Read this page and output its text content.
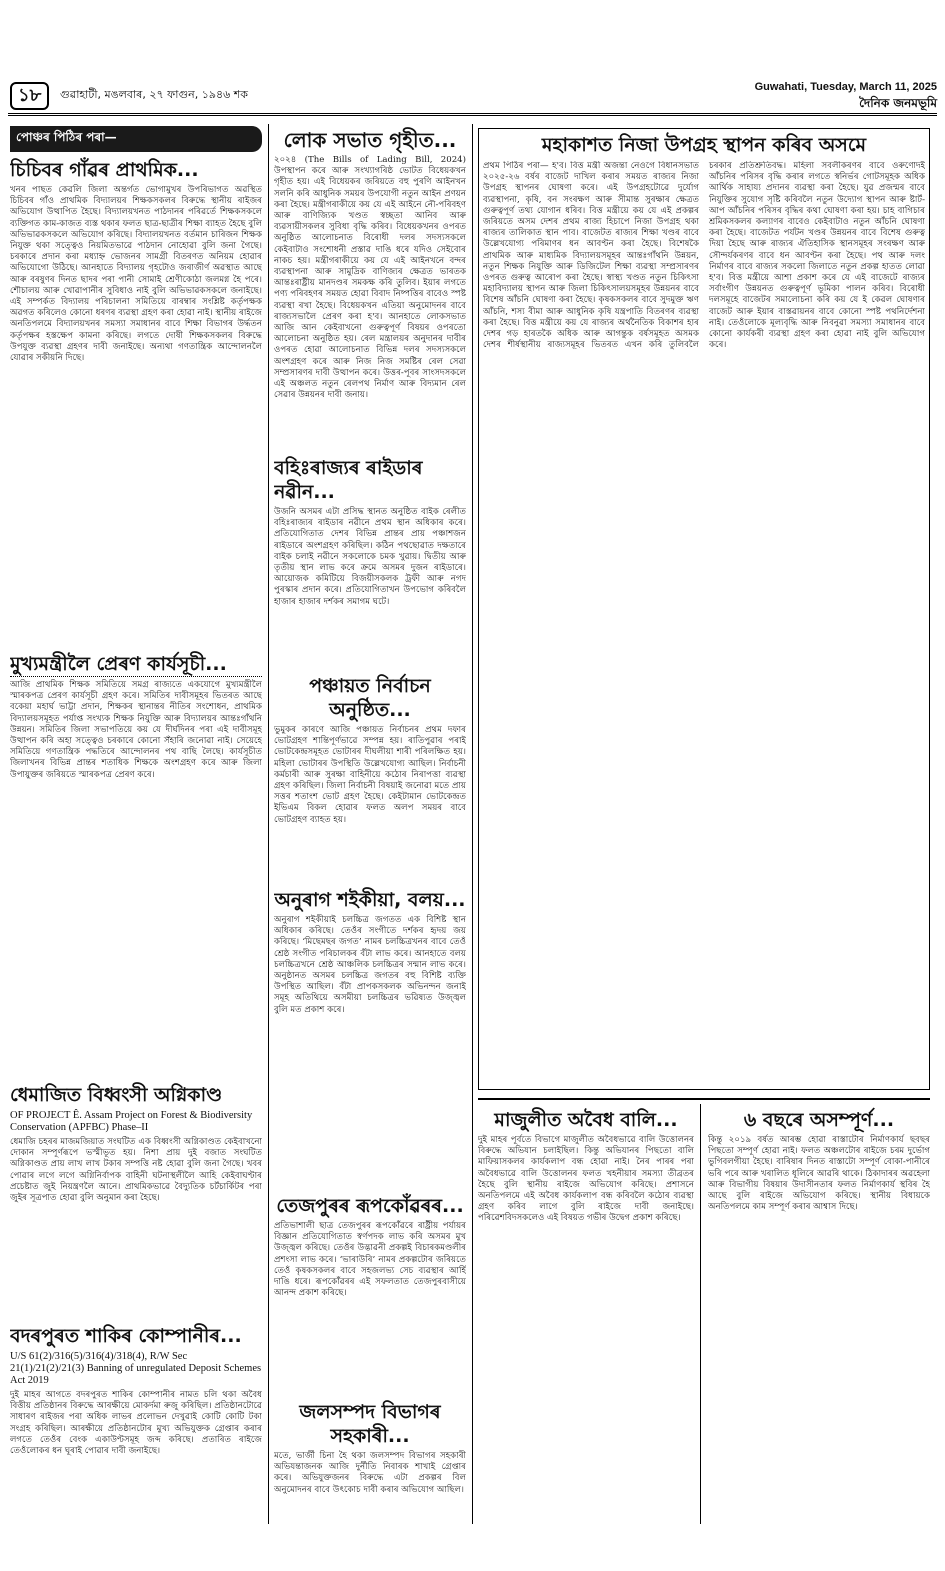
১৮	গুৱাহাটী, মঙলবাৰ, ২৭ ফাগুন, ১৯৪৬ শক
Guwahati, Tuesday, March 11, 2025
দৈনিক জনমভূমি
পোঞ্চৰ পিঠিৰ পৰা—
চিচিবৰ গাঁৱৰ প্ৰাথমিক...
খনৰ পাছত কেৱলি জিলা অন্তৰ্গত ভোগামুখৰ উপৰিভাগত অৱস্থিত চিচিবৰ গাঁও প্ৰাথমিক বিদ্যালয়ৰ শিক্ষকসকলৰ বিৰুদ্ধে স্থানীয় ৰাইজৰ অভিযোগ উত্থাপিত হৈছে। বিদ্যালয়খনত পাঠদানৰ পৰিৱৰ্তে শিক্ষকসকলে ব্যক্তিগত কাম-কাজত ব্যস্ত থকাৰ ফলত ছাত্ৰ-ছাত্ৰীৰ শিক্ষা ব্যাহত হৈছে বুলি অভিভাৱকসকলে অভিযোগ কৰিছে। বিদ্যালয়খনত বৰ্তমান চাৰিজন শিক্ষক নিযুক্ত থকা সত্ত্বেও নিয়মিতভাৱে পাঠদান নোহোৱা বুলি জনা গৈছে। চৰকাৰে প্ৰদান কৰা মধ্যাহ্ন ভোজনৰ সামগ্ৰী বিতৰণত অনিয়ম হোৱাৰ অভিযোগো উঠিছে। আনহাতে বিদ্যালয় গৃহটোও জৰাজীৰ্ণ অৱস্থাত আছে আৰু বৰষুণৰ দিনত ছাদৰ পৰা পানী সোমাই শ্ৰেণীকোঠা জলমগ্ন হৈ পৰে। শৌচালয় আৰু খোৱাপানীৰ সুবিধাও নাই বুলি অভিভাৱকসকলে জনাইছে। এই সম্পৰ্কত বিদ্যালয় পৰিচালনা সমিতিয়ে বাৰম্বাৰ সংশ্লিষ্ট কৰ্তৃপক্ষক অৱগত কৰিলেও কোনো ধৰণৰ ব্যৱস্থা গ্ৰহণ কৰা হোৱা নাই। স্থানীয় ৰাইজে অনতিপলমে বিদ্যালয়খনৰ সমস্যা সমাধানৰ বাবে শিক্ষা বিভাগৰ উৰ্দ্ধতন কৰ্তৃপক্ষৰ হস্তক্ষেপ কামনা কৰিছে। লগতে দোষী শিক্ষকসকলৰ বিৰুদ্ধে উপযুক্ত ব্যৱস্থা গ্ৰহণৰ দাবী জনাইছে। অন্যথা গণতান্ত্ৰিক আন্দোলনলৈ যোৱাৰ সকীয়নি দিছে।
মুখ্যমন্ত্ৰীলৈ প্ৰেৰণ কাৰ্যসূচী...
আজি প্ৰাথমিক শিক্ষক সমিতিয়ে সমগ্ৰ ৰাজ্যতে একযোগে মুখ্যমন্ত্ৰীলৈ স্মাৰকপত্ৰ প্ৰেৰণ কাৰ্যসূচী গ্ৰহণ কৰে। সমিতিৰ দাবীসমূহৰ ভিতৰত আছে বকেয়া মহাৰ্ঘ ভাট্টা প্ৰদান, শিক্ষকৰ স্থানান্তৰ নীতিৰ সংশোধন, প্ৰাথমিক বিদ্যালয়সমূহত পৰ্যাপ্ত সংখ্যক শিক্ষক নিযুক্তি আৰু বিদ্যালয়ৰ আন্তঃগাঁথনি উন্নয়ন। সমিতিৰ জিলা সভাপতিয়ে কয় যে দীৰ্ঘদিনৰ পৰা এই দাবীসমূহ উত্থাপন কৰি অহা সত্ত্বেও চৰকাৰে কোনো সঁহাৰি জনোৱা নাই। সেয়েহে সমিতিয়ে গণতান্ত্ৰিক পদ্ধতিৰে আন্দোলনৰ পথ বাছি লৈছে। কাৰ্যসূচীত জিলাখনৰ বিভিন্ন প্ৰান্তৰ শতাধিক শিক্ষকে অংশগ্ৰহণ কৰে আৰু জিলা উপায়ুক্তৰ জৰিয়তে স্মাৰকপত্ৰ প্ৰেৰণ কৰে।
ধেমাজিত বিধ্বংসী অগ্নিকাণ্ড
OF PROJECT Ê. Assam Project on Forest & Biodiversity Conservation (APFBC) Phase–II
ধেমাজি চহৰৰ মাজমজিয়াত সংঘটিত এক বিধ্বংসী অগ্নিকাণ্ডত কেইবাখনো দোকান সম্পূৰ্ণৰূপে ভস্মীভূত হয়। নিশা প্ৰায় দুই বজাত সংঘটিত অগ্নিকাণ্ডত প্ৰায় লাখ লাখ টকাৰ সম্পত্তি নষ্ট হোৱা বুলি জনা গৈছে। খবৰ পোৱাৰ লগে লগে অগ্নিনিৰ্বাপক বাহিনী ঘটনাস্থলীলৈ আহি কেইবাঘণ্টাৰ প্ৰচেষ্টাত জুই নিয়ন্ত্ৰণলৈ আনে। প্ৰাথমিকভাৱে বৈদ্যুতিক চৰ্টচাৰ্কিটৰ পৰা জুইৰ সূত্ৰপাত হোৱা বুলি অনুমান কৰা হৈছে।
বদৰপুৰত শাকিৰ কোম্পানীৰ...
U/S 61(2)/316(5)/316(4)/318(4), R/W Sec 21(1)/21(2)/21(3) Banning of unregulated Deposit Schemes Act 2019
দুই মাহৰ আগতে বদৰপুৰত শাকিৰ কোম্পানীৰ নামত চলি থকা অবৈধ বিত্তীয় প্ৰতিষ্ঠানৰ বিৰুদ্ধে আৰক্ষীয়ে মোকৰ্দমা ৰুজু কৰিছিল। প্ৰতিষ্ঠানটোৱে সাধাৰণ ৰাইজৰ পৰা অধিক লাভৰ প্ৰলোভন দেখুৱাই কোটি কোটি টকা সংগ্ৰহ কৰিছিল। আৰক্ষীয়ে প্ৰতিষ্ঠানটোৰ মুখ্য অভিযুক্তক গ্ৰেপ্তাৰ কৰাৰ লগতে তেওঁৰ বেংক একাউণ্টসমূহ জব্দ কৰিছে। প্ৰতাৰিত ৰাইজে তেওঁলোকৰ ধন ঘূৰাই পোৱাৰ দাবী জনাইছে।
লোক সভাত গৃহীত...
২০২৪ (The Bills of Lading Bill, 2024) উপস্থাপন কৰে আৰু সংখ্যাগৰিষ্ঠ ভোটত বিধেয়কখন গৃহীত হয়। এই বিধেয়কৰ জৰিয়তে বহু পুৰণি আইনখন সলনি কৰি আধুনিক সময়ৰ উপযোগী নতুন আইন প্ৰণয়ন কৰা হৈছে। মন্ত্ৰীগৰাকীয়ে কয় যে এই আইনে নৌ-পৰিবহণ আৰু বাণিজ্যিক খণ্ডত স্বচ্ছতা আনিব আৰু ব্যৱসায়ীসকলৰ সুবিধা বৃদ্ধি কৰিব। বিধেয়কখনৰ ওপৰত অনুষ্ঠিত আলোচনাত বিৰোধী দলৰ সদস্যসকলে কেইবাটাও সংশোধনী প্ৰস্তাৱ দাঙি ধৰে যদিও সেইবোৰ নাকচ হয়। মন্ত্ৰীগৰাকীয়ে কয় যে এই আইনখনে বন্দৰ ব্যৱস্থাপনা আৰু সামুদ্ৰিক বাণিজ্যৰ ক্ষেত্ৰত ভাৰতক আন্তঃৰাষ্ট্ৰীয় মানদণ্ডৰ সমকক্ষ কৰি তুলিব। ইয়াৰ লগতে পণ্য পৰিবহণৰ সময়ত হোৱা বিবাদ নিষ্পত্তিৰ বাবেও স্পষ্ট ব্যৱস্থা ৰখা হৈছে। বিধেয়কখন এতিয়া অনুমোদনৰ বাবে ৰাজ্যসভালৈ প্ৰেৰণ কৰা হ'ব। আনহাতে লোকসভাত আজি আন কেইবাখনো গুৰুত্বপূৰ্ণ বিষয়ৰ ওপৰতো আলোচনা অনুষ্ঠিত হয়। ৰেল মন্ত্ৰালয়ৰ অনুদানৰ দাবীৰ ওপৰত হোৱা আলোচনাত বিভিন্ন দলৰ সদস্যসকলে অংশগ্ৰহণ কৰে আৰু নিজ নিজ সমষ্টিৰ ৰেল সেৱা সম্প্ৰসাৰণৰ দাবী উত্থাপন কৰে। উত্তৰ-পূবৰ সাংসদসকলে এই অঞ্চলত নতুন ৰেলপথ নিৰ্মাণ আৰু বিদ্যমান ৰেল সেৱাৰ উন্নয়নৰ দাবী জনায়।
বহিঃৰাজ্যৰ ৰাইডাৰ নৱীন...
উজনি অসমৰ এটা প্ৰসিদ্ধ স্থানত অনুষ্ঠিত বাইক ৰেলীত বহিঃৰাজ্যৰ ৰাইডাৰ নৱীনে প্ৰথম স্থান অধিকাৰ কৰে। প্ৰতিযোগিতাত দেশৰ বিভিন্ন প্ৰান্তৰ প্ৰায় পঞ্চাশজন ৰাইডাৰে অংশগ্ৰহণ কৰিছিল। কঠিন পথছোৱাত দক্ষতাৰে বাইক চলাই নৱীনে সকলোকে চমক খুৱায়। দ্বিতীয় আৰু তৃতীয় স্থান লাভ কৰে ক্ৰমে অসমৰ দুজন ৰাইডাৰে। আয়োজক কমিটিয়ে বিজয়ীসকলক ট্ৰফী আৰু নগদ পুৰস্কাৰ প্ৰদান কৰে। প্ৰতিযোগিতাখন উপভোগ কৰিবলৈ হাজাৰ হাজাৰ দৰ্শকৰ সমাগম ঘটে।
পঞ্চায়ত নিৰ্বাচন অনুষ্ঠিত...
ভুমুকৰ কাৰণে আজি পঞ্চায়ত নিৰ্বাচনৰ প্ৰথম দফাৰ ভোটগ্ৰহণ শান্তিপূৰ্ণভাৱে সম্পন্ন হয়। ৰাতিপুৱাৰ পৰাই ভোটকেন্দ্ৰসমূহত ভোটাৰৰ দীঘলীয়া শাৰী পৰিলক্ষিত হয়। মহিলা ভোটাৰৰ উপস্থিতি উল্লেখযোগ্য আছিল। নিৰ্বাচনী কৰ্মচাৰী আৰু সুৰক্ষা বাহিনীয়ে কঠোৰ নিৰাপত্তা ব্যৱস্থা গ্ৰহণ কৰিছিল। জিলা নিৰ্বাচনী বিষয়াই জনোৱা মতে প্ৰায় সত্তৰ শতাংশ ভোট গ্ৰহণ হৈছে। কেইটামান ভোটকেন্দ্ৰত ইভিএম বিকল হোৱাৰ ফলত অলপ সময়ৰ বাবে ভোটগ্ৰহণ ব্যাহত হয়।
অনুৰাগ শইকীয়া, বলয়...
অনুৰাগ শইকীয়াই চলচ্চিত্ৰ জগতত এক বিশিষ্ট স্থান অধিকাৰ কৰিছে। তেওঁৰ সংগীতে দৰ্শকৰ হৃদয় জয় কৰিছে। ‘মিছেমছৰ জগত’ নামৰ চলচ্চিত্ৰখনৰ বাবে তেওঁ শ্ৰেষ্ঠ সংগীত পৰিচালকৰ বঁটা লাভ কৰে। আনহাতে বলয় চলচ্চিত্ৰখনে শ্ৰেষ্ঠ আঞ্চলিক চলচ্চিত্ৰৰ সন্মান লাভ কৰে। অনুষ্ঠানত অসমৰ চলচ্চিত্ৰ জগতৰ বহু বিশিষ্ট ব্যক্তি উপস্থিত আছিল। বঁটা প্ৰাপকসকলক অভিনন্দন জনাই সমূহ অতিথিয়ে অসমীয়া চলচ্চিত্ৰৰ ভৱিষ্যত উজ্জ্বল বুলি মত প্ৰকাশ কৰে।
তেজপুৰৰ ৰূপকোঁৱৰৰ...
প্ৰতিভাশালী ছাত্ৰ তেজপুৰৰ ৰূপকোঁৱৰে ৰাষ্ট্ৰীয় পৰ্যায়ৰ বিজ্ঞান প্ৰতিযোগিতাত স্বৰ্ণপদক লাভ কৰি অসমৰ মুখ উজ্জ্বল কৰিছে। তেওঁৰ উদ্ভাৱনী প্ৰকল্পই বিচাৰকমণ্ডলীৰ প্ৰশংসা লাভ কৰে। ‘ভাৰাউৰি’ নামৰ প্ৰকল্পটোৰ জৰিয়তে তেওঁ কৃষকসকলৰ বাবে সহজলভ্য সেচ ব্যৱস্থাৰ আৰ্হি দাঙি ধৰে। ৰূপকোঁৱৰৰ এই সফলতাত তেজপুৰবাসীয়ে আনন্দ প্ৰকাশ কৰিছে।
জলসম্পদ বিভাগৰ সহকাৰী...
মতে, ভাৰ্জী চিনা হৈ থকা জলসম্পদ বিভাগৰ সহকাৰী অভিযন্তাজনক আজি দুৰ্নীতি নিবাৰক শাখাই গ্ৰেপ্তাৰ কৰে। অভিযুক্তজনৰ বিৰুদ্ধে এটা প্ৰকল্পৰ বিল অনুমোদনৰ বাবে উৎকোচ দাবী কৰাৰ অভিযোগ আছিল।
মহাকাশত নিজা উপগ্ৰহ স্থাপন কৰিব অসমে
প্ৰথম পিঠিৰ পৰা— হ'ব। বিত্ত মন্ত্ৰী অজন্তা নেওগে বিধানসভাত ২০২৫-২৬ বৰ্ষৰ বাজেট দাখিল কৰাৰ সময়ত ৰাজ্যৰ নিজা উপগ্ৰহ স্থাপনৰ ঘোষণা কৰে। এই উপগ্ৰহটোৱে দুৰ্যোগ ব্যৱস্থাপনা, কৃষি, বন সংৰক্ষণ আৰু সীমান্ত সুৰক্ষাৰ ক্ষেত্ৰত গুৰুত্বপূৰ্ণ তথ্য যোগান ধৰিব। বিত্ত মন্ত্ৰীয়ে কয় যে এই প্ৰকল্পৰ জৰিয়তে অসম দেশৰ প্ৰথম ৰাজ্য হিচাপে নিজা উপগ্ৰহ থকা ৰাজ্যৰ তালিকাত স্থান পাব। বাজেটত ৰাজ্যৰ শিক্ষা খণ্ডৰ বাবে উল্লেখযোগ্য পৰিমাণৰ ধন আবণ্টন কৰা হৈছে। বিশেষকৈ প্ৰাথমিক আৰু মাধ্যমিক বিদ্যালয়সমূহৰ আন্তঃগাঁথনি উন্নয়ন, নতুন শিক্ষক নিযুক্তি আৰু ডিজিটেল শিক্ষা ব্যৱস্থা সম্প্ৰসাৰণৰ ওপৰত গুৰুত্ব আৰোপ কৰা হৈছে। স্বাস্থ্য খণ্ডত নতুন চিকিৎসা মহাবিদ্যালয় স্থাপন আৰু জিলা চিকিৎসালয়সমূহৰ উন্নয়নৰ বাবে বিশেষ আঁচনি ঘোষণা কৰা হৈছে। কৃষকসকলৰ বাবে সুদমুক্ত ঋণ আঁচনি, শস্য বীমা আৰু আধুনিক কৃষি যন্ত্ৰপাতি বিতৰণৰ ব্যৱস্থা কৰা হৈছে। বিত্ত মন্ত্ৰীয়ে কয় যে ৰাজ্যৰ অৰ্থনৈতিক বিকাশৰ হাৰ দেশৰ গড় হাৰতকৈ অধিক আৰু আগন্তুক বৰ্ষসমূহত অসমক দেশৰ শীৰ্ষস্থানীয় ৰাজ্যসমূহৰ ভিতৰত এখন কৰি তুলিবলৈ চৰকাৰ প্ৰতিশ্ৰুতিবদ্ধ। মহিলা সবলীকৰণৰ বাবে ওৰুণোদই আঁচনিৰ পৰিসৰ বৃদ্ধি কৰাৰ লগতে স্বনিৰ্ভৰ গোটসমূহক অধিক আৰ্থিক সাহায্য প্ৰদানৰ ব্যৱস্থা কৰা হৈছে। যুৱ প্ৰজন্মৰ বাবে নিযুক্তিৰ সুযোগ সৃষ্টি কৰিবলৈ নতুন উদ্যোগ স্থাপন আৰু ষ্টাৰ্ট-আপ আঁচনিৰ পৰিসৰ বৃদ্ধিৰ কথা ঘোষণা কৰা হয়। চাহ বাগিচাৰ শ্ৰমিকসকলৰ কল্যাণৰ বাবেও কেইবাটাও নতুন আঁচনি ঘোষণা কৰা হৈছে। বাজেটত পৰ্যটন খণ্ডৰ উন্নয়নৰ বাবে বিশেষ গুৰুত্ব দিয়া হৈছে আৰু ৰাজ্যৰ ঐতিহাসিক স্থানসমূহৰ সংৰক্ষণ আৰু সৌন্দৰ্যকৰণৰ বাবে ধন আবণ্টন কৰা হৈছে। পথ আৰু দলং নিৰ্মাণৰ বাবে ৰাজ্যৰ সকলো জিলাতে নতুন প্ৰকল্প হাতত লোৱা হ'ব। বিত্ত মন্ত্ৰীয়ে আশা প্ৰকাশ কৰে যে এই বাজেটে ৰাজ্যৰ সৰ্বাংগীণ উন্নয়নত গুৰুত্বপূৰ্ণ ভূমিকা পালন কৰিব। বিৰোধী দলসমূহে বাজেটৰ সমালোচনা কৰি কয় যে ই কেৱল ঘোষণাৰ বাজেট আৰু ইয়াৰ বাস্তৱায়নৰ বাবে কোনো স্পষ্ট পথনিৰ্দেশনা নাই। তেওঁলোকে মূল্যবৃদ্ধি আৰু নিবনুৱা সমস্যা সমাধানৰ বাবে কোনো কাৰ্যকৰী ব্যৱস্থা গ্ৰহণ কৰা হোৱা নাই বুলি অভিযোগ কৰে।
মাজুলীত অবৈধ বালি...
দুই মাহৰ পূৰ্বতে বিভাগে মাজুলীত অবৈধভাৱে বালি উত্তোলনৰ বিৰুদ্ধে অভিযান চলাইছিল। কিন্তু অভিযানৰ পিছতো বালি মাফিয়াসকলৰ কাৰ্যকলাপ বন্ধ হোৱা নাই। নৈৰ পাৰৰ পৰা অবৈধভাৱে বালি উত্তোলনৰ ফলত খহনীয়াৰ সমস্যা তীব্ৰতৰ হৈছে বুলি স্থানীয় ৰাইজে অভিযোগ কৰিছে। প্ৰশাসনে অনতিপলমে এই অবৈধ কাৰ্যকলাপ বন্ধ কৰিবলৈ কঠোৰ ব্যৱস্থা গ্ৰহণ কৰিব লাগে বুলি ৰাইজে দাবী জনাইছে। পৰিৱেশবিদসকলেও এই বিষয়ত গভীৰ উদ্বেগ প্ৰকাশ কৰিছে।
৬ বছৰে অসম্পূৰ্ণ...
কিন্তু ২০১৯ বৰ্ষত আৰম্ভ হোৱা ৰাস্তাটোৰ নিৰ্মাণকাৰ্য ছবছৰ পিছতো সম্পূৰ্ণ হোৱা নাই। ফলত অঞ্চলটোৰ ৰাইজে চৰম দুৰ্ভোগ ভুগিবলগীয়া হৈছে। বাৰিষাৰ দিনত ৰাস্তাটো সম্পূৰ্ণ বোকা-পানীৰে ভৰি পৰে আৰু খৰালিত ধূলিৰে আৱৰি থাকে। ঠিকাদাৰৰ অৱহেলা আৰু বিভাগীয় বিষয়াৰ উদাসীনতাৰ ফলত নিৰ্মাণকাৰ্য স্থবিৰ হৈ আছে বুলি ৰাইজে অভিযোগ কৰিছে। স্থানীয় বিধায়কে অনতিপলমে কাম সম্পূৰ্ণ কৰাৰ আশ্বাস দিছে।
